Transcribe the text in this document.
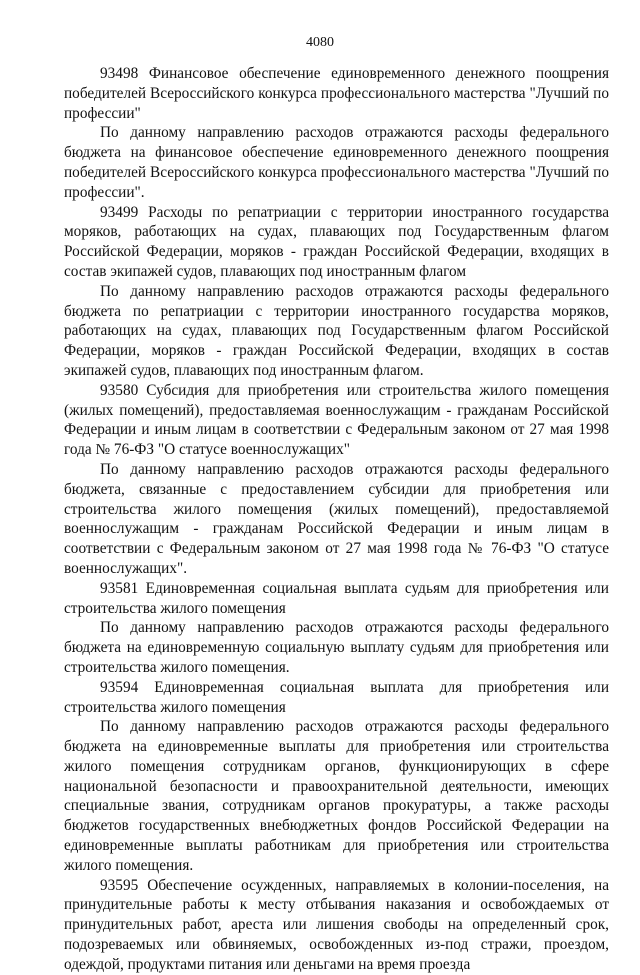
4080

93498 Финансовое обеспечение единовременного денежного поощрения победителей Всероссийского конкурса профессионального мастерства "Лучший по профессии"

По данному направлению расходов отражаются расходы федерального бюджета на финансовое обеспечение единовременного денежного поощрения победителей Всероссийского конкурса профессионального мастерства "Лучший по профессии".

93499 Расходы по репатриации с территории иностранного государства моряков, работающих на судах, плавающих под Государственным флагом Российской Федерации, моряков - граждан Российской Федерации, входящих в состав экипажей судов, плавающих под иностранным флагом

По данному направлению расходов отражаются расходы федерального бюджета по репатриации с территории иностранного государства моряков, работающих на судах, плавающих под Государственным флагом Российской Федерации, моряков - граждан Российской Федерации, входящих в состав экипажей судов, плавающих под иностранным флагом.

93580 Субсидия для приобретения или строительства жилого помещения (жилых помещений), предоставляемая военнослужащим - гражданам Российской Федерации и иным лицам в соответствии с Федеральным законом от 27 мая 1998 года № 76-ФЗ "О статусе военнослужащих"

По данному направлению расходов отражаются расходы федерального бюджета, связанные с предоставлением субсидии для приобретения или строительства жилого помещения (жилых помещений), предоставляемой военнослужащим - гражданам Российской Федерации и иным лицам в соответствии с Федеральным законом от 27 мая 1998 года № 76-ФЗ "О статусе военнослужащих".

93581 Единовременная социальная выплата судьям для приобретения или строительства жилого помещения

По данному направлению расходов отражаются расходы федерального бюджета на единовременную социальную выплату судьям для приобретения или строительства жилого помещения.

93594 Единовременная социальная выплата для приобретения или строительства жилого помещения

По данному направлению расходов отражаются расходы федерального бюджета на единовременные выплаты для приобретения или строительства жилого помещения сотрудникам органов, функционирующих в сфере национальной безопасности и правоохранительной деятельности, имеющих специальные звания, сотрудникам органов прокуратуры, а также расходы бюджетов государственных внебюджетных фондов Российской Федерации на единовременные выплаты работникам для приобретения или строительства жилого помещения.

93595 Обеспечение осужденных, направляемых в колонии-поселения, на принудительные работы к месту отбывания наказания и освобождаемых от принудительных работ, ареста или лишения свободы на определенный срок, подозреваемых или обвиняемых, освобожденных из-под стражи, проездом, одеждой, продуктами питания или деньгами на время проезда
